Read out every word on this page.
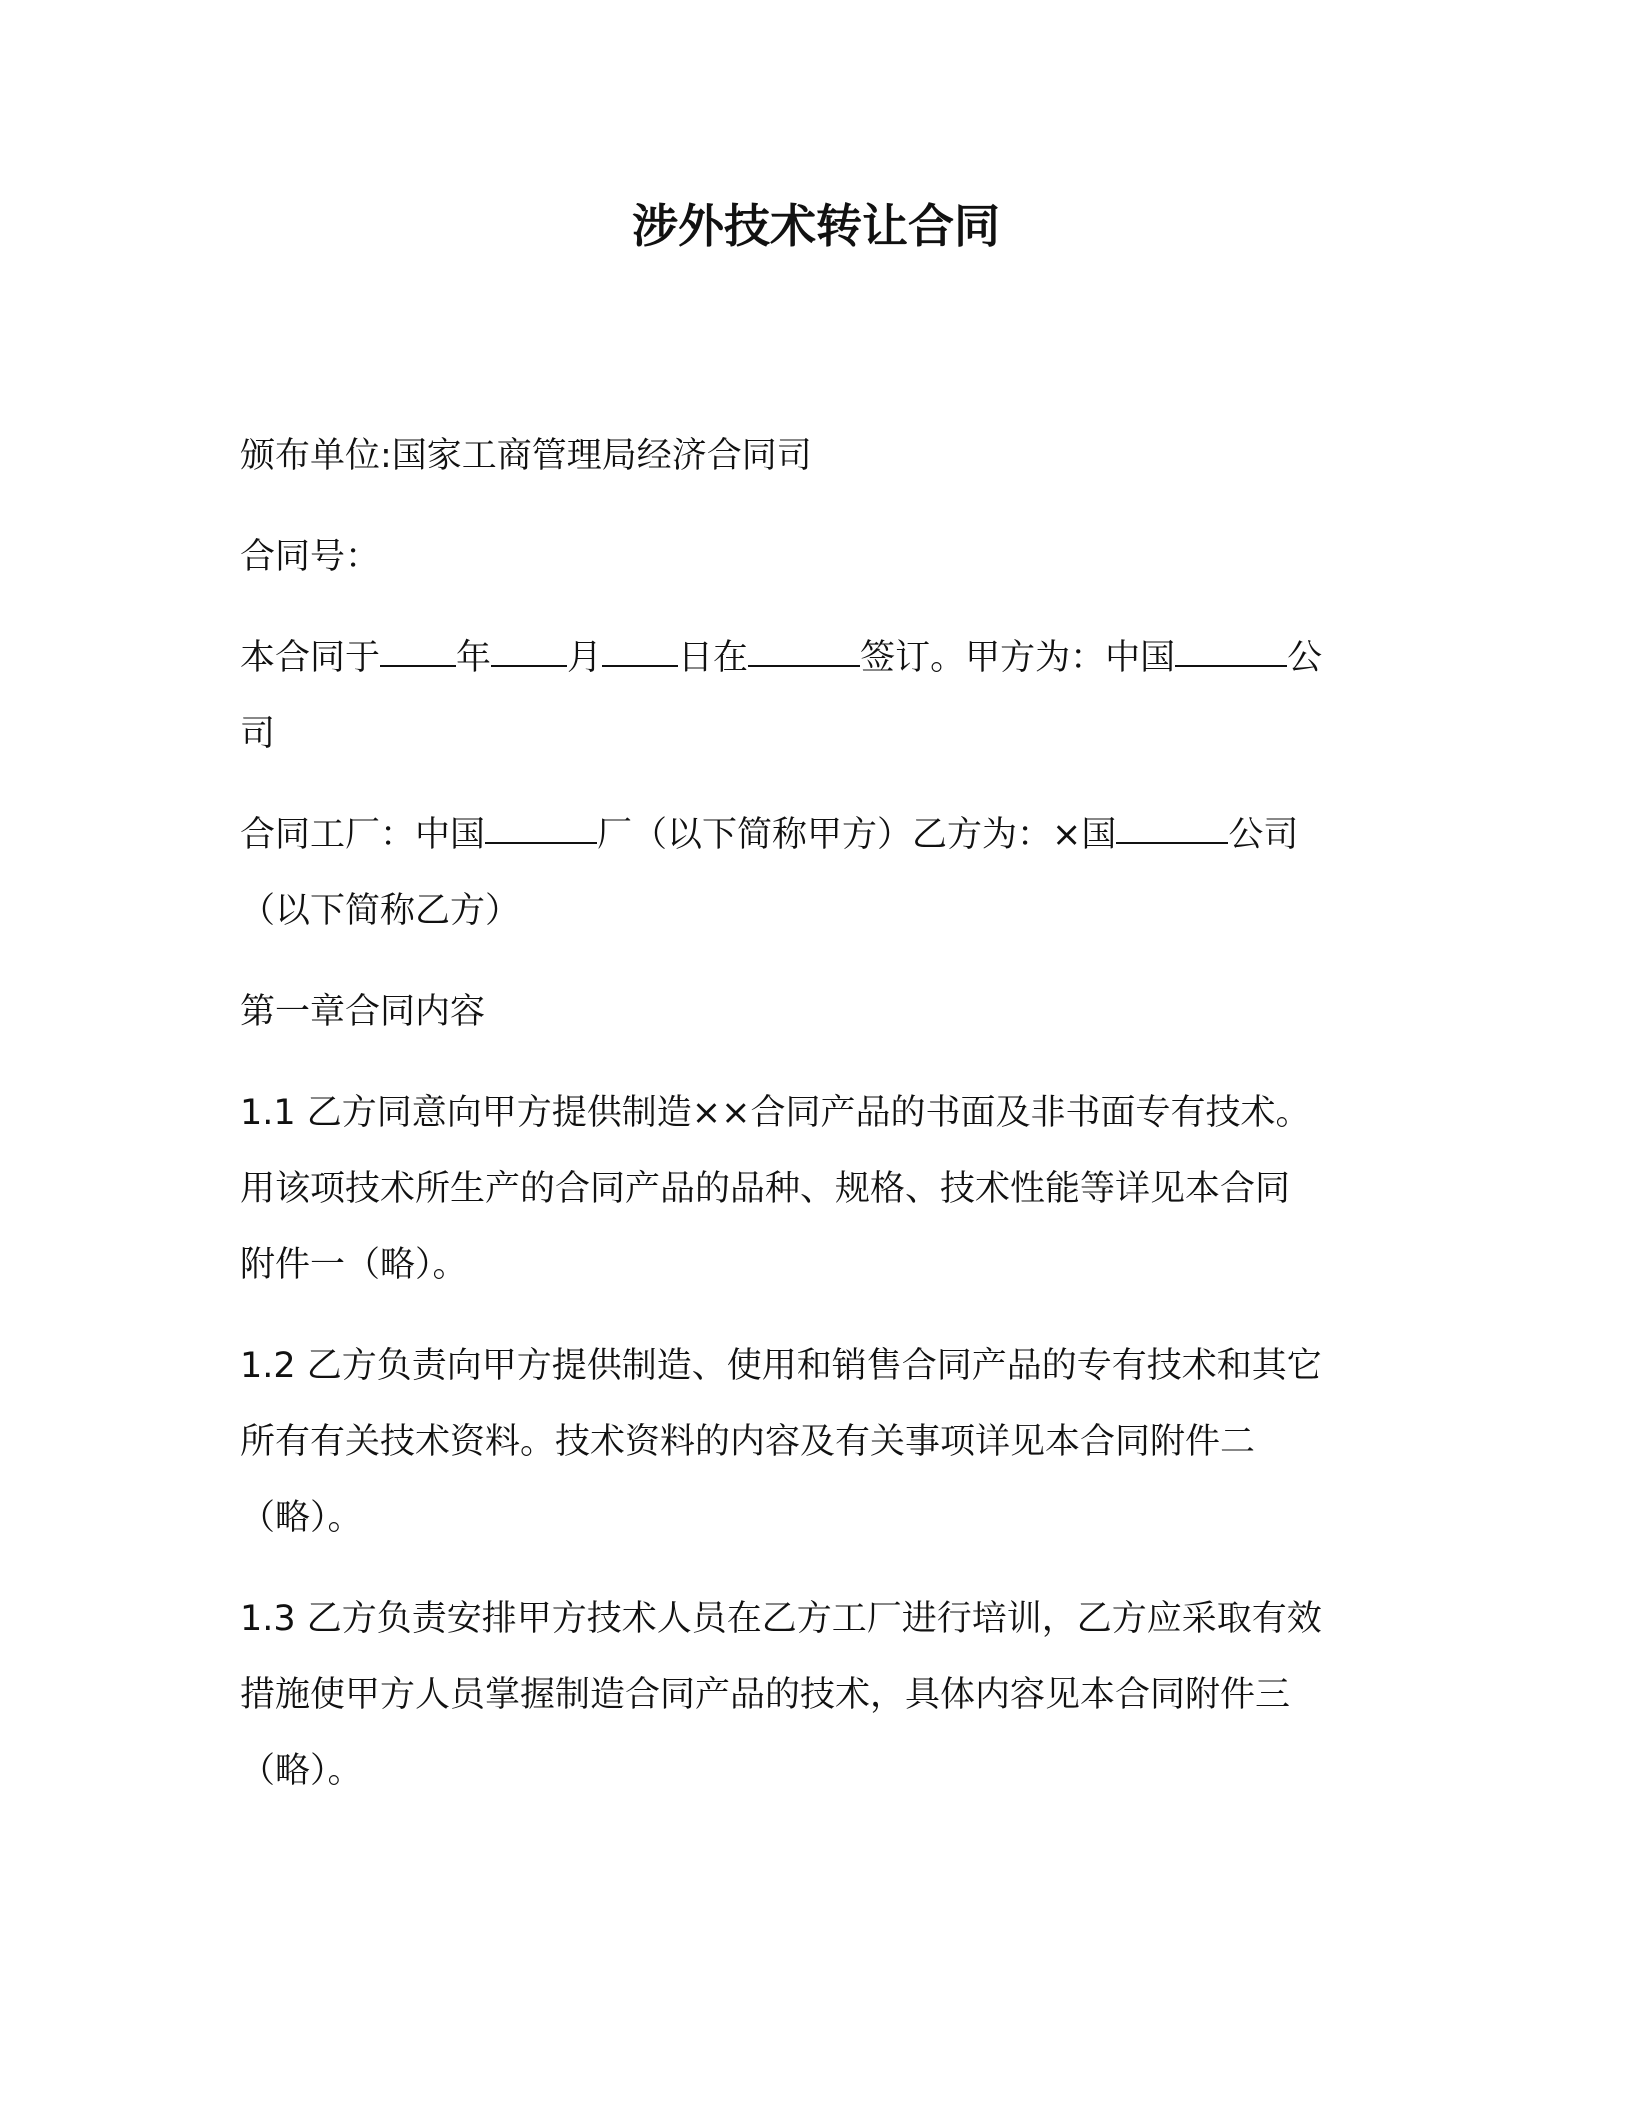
涉外技术转让合同

颁布单位:国家工商管理局经济合同司

合同号：

本合同于 年 月 日在	签订。甲方为：中国	公
司

合同工厂：中国	厂（以下简称甲方）乙方为：×国	公司
（以下简称乙方）

第一章合同内容

1.1 乙方同意向甲方提供制造××合同产品的书面及非书面专有技术。
用该项技术所生产的合同产品的品种、规格、技术性能等详见本合同
附件一（略）。

1.2 乙方负责向甲方提供制造、使用和销售合同产品的专有技术和其它
所有有关技术资料。技术资料的内容及有关事项详见本合同附件二
（略）。

1.3 乙方负责安排甲方技术人员在乙方工厂进行培训，乙方应采取有效
措施使甲方人员掌握制造合同产品的技术，具体内容见本合同附件三
（略）。
